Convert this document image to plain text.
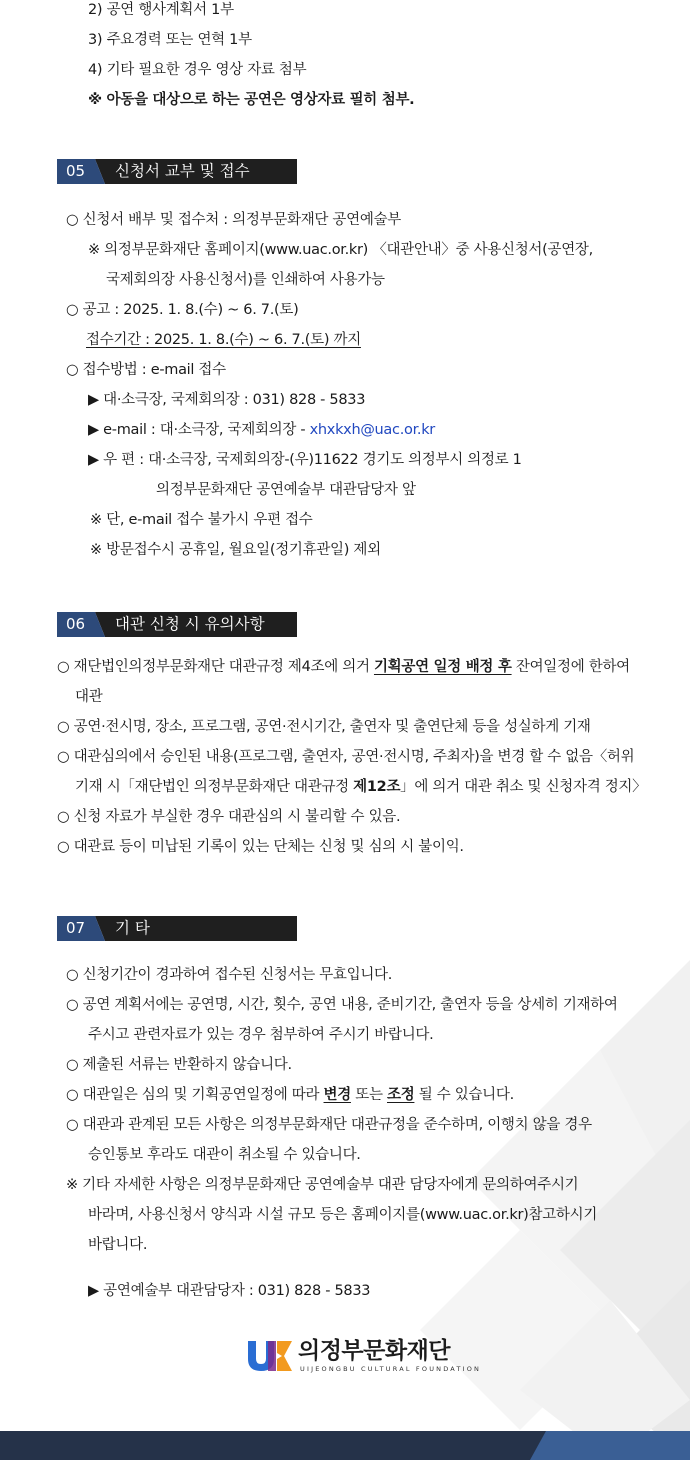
2) 공연 행사계획서 1부
3) 주요경력 또는 연혁 1부
4) 기타 필요한 경우 영상 자료 첨부
※ 아동을 대상으로 하는 공연은 영상자료 필히 첨부.
05 신청서 교부 및 접수
○ 신청서 배부 및 접수처 : 의정부문화재단 공연예술부
※ 의정부문화재단 홈페이지(www.uac.or.kr) 〈대관안내〉중 사용신청서(공연장,
국제회의장 사용신청서)를 인쇄하여 사용가능
○ 공고 : 2025. 1. 8.(수) ~ 6. 7.(토)
접수기간 : 2025. 1. 8.(수) ~ 6. 7.(토) 까지
○ 접수방법 : e-mail 접수
▶ 대·소극장, 국제회의장 : 031) 828 - 5833
▶ e-mail : 대·소극장, 국제회의장 - xhxkxh@uac.or.kr
▶ 우 편 : 대·소극장, 국제회의장-(우)11622 경기도 의정부시 의정로 1
의정부문화재단 공연예술부 대관담당자 앞
※ 단, e-mail 접수 불가시 우편 접수
※ 방문접수시 공휴일, 월요일(정기휴관일) 제외
06 대관 신청 시 유의사항
○ 재단법인의정부문화재단 대관규정 제4조에 의거 기획공연 일정 배정 후 잔여일정에 한하여
대관
○ 공연·전시명, 장소, 프로그램, 공연·전시기간, 출연자 및 출연단체 등을 성실하게 기재
○ 대관심의에서 승인된 내용(프로그램, 출연자, 공연·전시명, 주최자)을 변경 할 수 없음〈허위
기재 시「재단법인 의정부문화재단 대관규정 제12조」에 의거 대관 취소 및 신청자격 정지〉
○ 신청 자료가 부실한 경우 대관심의 시 불리할 수 있음.
○ 대관료 등이 미납된 기록이 있는 단체는 신청 및 심의 시 불이익.
07 기 타
○ 신청기간이 경과하여 접수된 신청서는 무효입니다.
○ 공연 계획서에는 공연명, 시간, 횟수, 공연 내용, 준비기간, 출연자 등을 상세히 기재하여
주시고 관련자료가 있는 경우 첨부하여 주시기 바랍니다.
○ 제출된 서류는 반환하지 않습니다.
○ 대관일은 심의 및 기획공연일정에 따라 변경 또는 조정 될 수 있습니다.
○ 대관과 관계된 모든 사항은 의정부문화재단 대관규정을 준수하며, 이행치 않을 경우
승인통보 후라도 대관이 취소될 수 있습니다.
※ 기타 자세한 사항은 의정부문화재단 공연예술부 대관 담당자에게 문의하여주시기
바라며, 사용신청서 양식과 시설 규모 등은 홈페이지를(www.uac.or.kr)참고하시기
바랍니다.
▶ 공연예술부 대관담당자 : 031) 828 - 5833
의정부문화재단
UIJEONGBU CULTURAL FOUNDATION
